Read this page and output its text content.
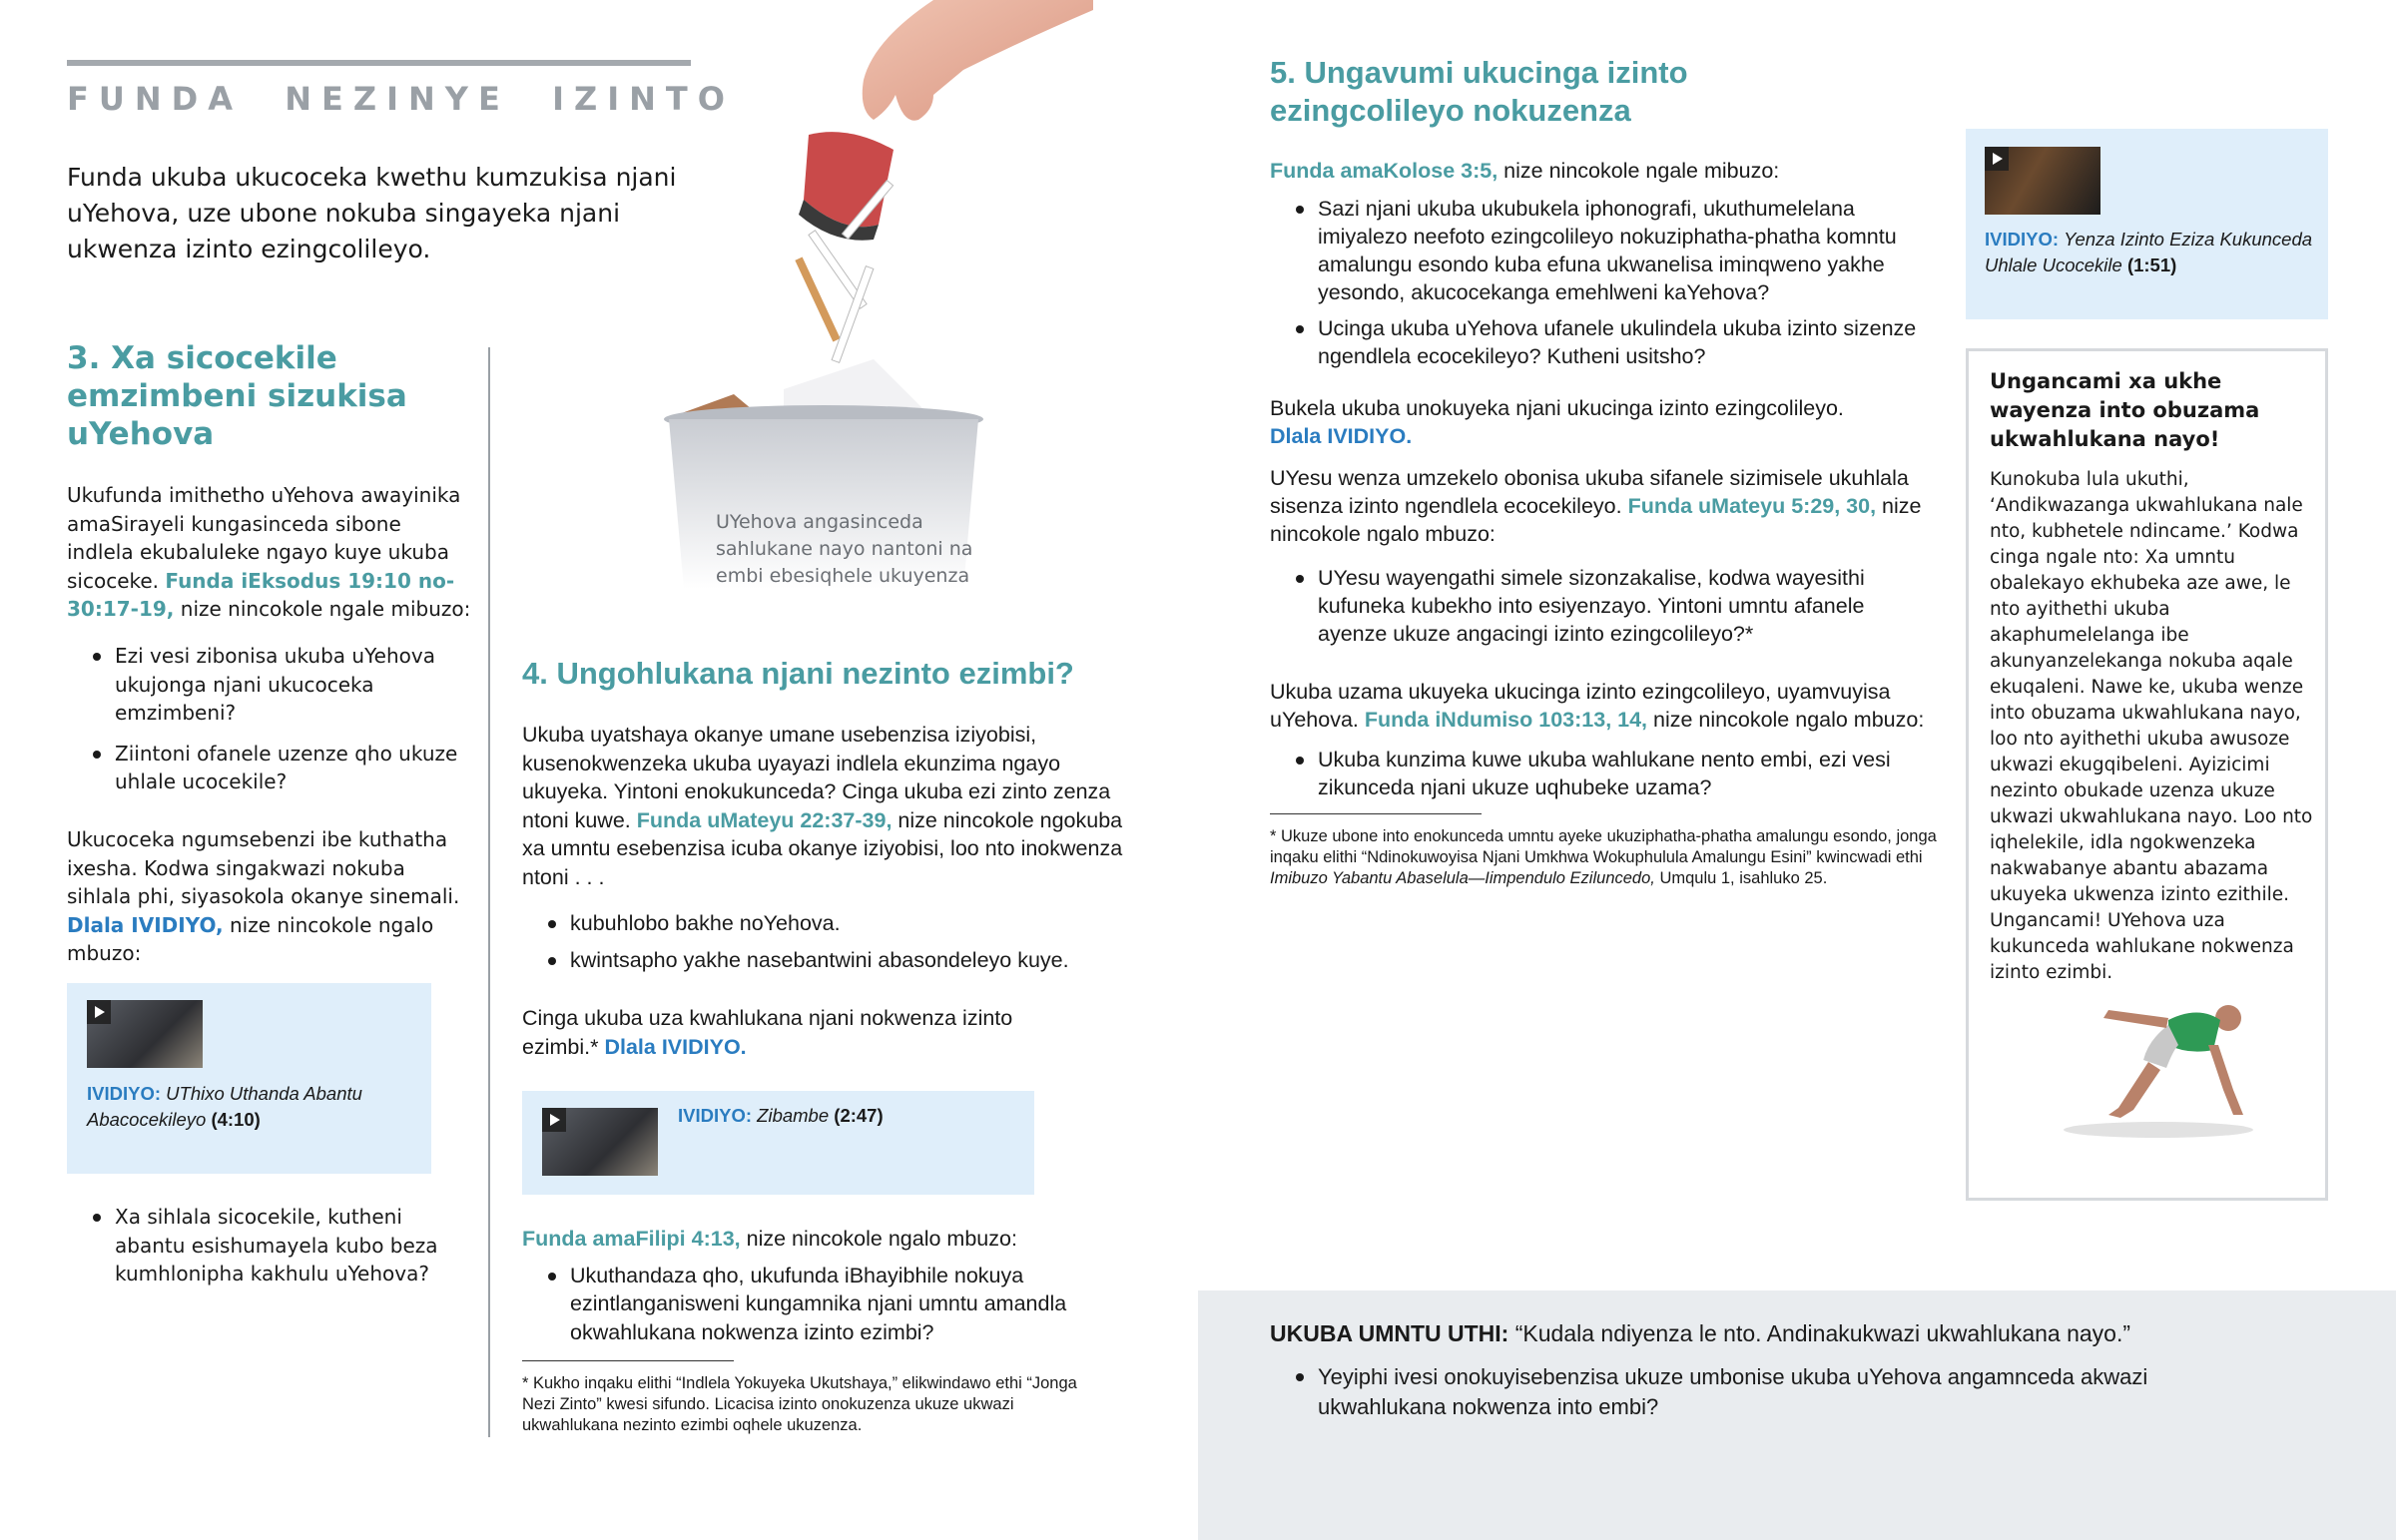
FUNDA  NEZINYE  IZINTO

Funda ukuba ukucoceka kwethu kumzukisa njani uYehova, uze ubone nokuba singayeka njani ukwenza izinto ezingcolileyo.

UYehova angasinceda sahlukane nayo nantoni na embi ebesiqhele ukuyenza

3. Xa sicocekile emzimbeni sizukisa uYehova

Ukufunda imithetho uYehova awayinika amaSirayeli kungasinceda sibone indlela ekubaluleke ngayo kuye ukuba sicoceke. Funda iEksodus 19:10 no-30:17-19, nize nincokole ngale mibuzo:

Ezi vesi zibonisa ukuba uYehova ukujonga njani ukucoceka emzimbeni?
Ziintoni ofanele uzenze qho ukuze uhlale ucocekile?

Ukucoceka ngumsebenzi ibe kuthatha ixesha. Kodwa singakwazi nokuba sihlala phi, siyasokola okanye sinemali. Dlala IVIDIYO, nize nincokole ngalo mbuzo:

IVIDIYO: UThixo Uthanda Abantu Abacocekileyo (4:10)
Xa sihlala sicocekile, kutheni abantu esishumayela kubo beza kumhlonipha kakhulu uYehova?
4. Ungohlukana njani nezinto ezimbi?

Ukuba uyatshaya okanye umane usebenzisa iziyobisi, kusenokwenzeka ukuba uyayazi indlela ekunzima ngayo ukuyeka. Yintoni enokukunceda? Cinga ukuba ezi zinto zenza ntoni kuwe. Funda uMateyu 22:37-39, nize nincokole ngokuba xa umntu esebenzisa icuba okanye iziyobisi, loo nto inokwenza ntoni . . .

kubuhlobo bakhe noYehova.
kwintsapho yakhe nasebantwini abasondeleyo kuye.

Cinga ukuba uza kwahlukana njani nokwenza izinto ezimbi.* Dlala IVIDIYO.

IVIDIYO: Zibambe (2:47)

Funda amaFilipi 4:13, nize nincokole ngalo mbuzo:

Ukuthandaza qho, ukufunda iBhayibhile nokuya ezintlanganisweni kungamnika njani umntu amandla okwahlukana nokwenza izinto ezimbi?

* Kukho inqaku elithi “Indlela Yokuyeka Ukutshaya,” elikwindawo ethi “Jonga Nezi Zinto” kwesi sifundo. Licacisa izinto onokuzenza ukuze ukwazi ukwahlukana nezinto ezimbi oqhele ukuzenza.

5. Ungavumi ukucinga izinto ezingcolileyo nokuzenza

Funda amaKolose 3:5, nize nincokole ngale mibuzo:

Sazi njani ukuba ukubukela iphonografi, ukuthumelelana imiyalezo neefoto ezingcolileyo nokuziphatha-phatha komntu amalungu esondo kuba efuna ukwanelisa iminqweno yakhe yesondo, akucocekanga emehlweni kaYehova?
Ucinga ukuba uYehova ufanele ukulindela ukuba izinto sizenze ngendlela ecocekileyo? Kutheni usitsho?

Bukela ukuba unokuyeka njani ukucinga izinto ezingcolileyo.
Dlala IVIDIYO.

UYesu wenza umzekelo obonisa ukuba sifanele sizimisele ukuhlala sisenza izinto ngendlela ecocekileyo. Funda uMateyu 5:29, 30, nize nincokole ngalo mbuzo:

UYesu wayengathi simele sizonzakalise, kodwa wayesithi kufuneka kubekho into esiyenzayo. Yintoni umntu afanele ayenze ukuze angacingi izinto ezingcolileyo?*

Ukuba uzama ukuyeka ukucinga izinto ezingcolileyo, uyamvuyisa uYehova. Funda iNdumiso 103:13, 14, nize nincokole ngalo mbuzo:

Ukuba kunzima kuwe ukuba wahlukane nento embi, ezi vesi zikunceda njani ukuze uqhubeke uzama?

* Ukuze ubone into enokunceda umntu ayeke ukuziphatha-phatha amalungu esondo, jonga inqaku elithi “Ndinokuwoyisa Njani Umkhwa Wokuphulula Amalungu Esini” kwincwadi ethi Imibuzo Yabantu Abaselula—Iimpendulo Eziluncedo, Umqulu 1, isahluko 25.

IVIDIYO: Yenza Izinto Eziza Kukunceda Uhlale Ucocekile (1:51)
Ungancami xa ukhe wayenza into obuzama ukwahlukana nayo!

Kunokuba lula ukuthi, ‘Andikwazanga ukwahlukana nale nto, kubhetele ndincame.’ Kodwa cinga ngale nto: Xa umntu obalekayo ekhubeka aze awe, le nto ayithethi ukuba akaphumelelanga ibe akunyanzelekanga nokuba aqale ekuqaleni. Nawe ke, ukuba wenze into obuzama ukwahlukana nayo, loo nto ayithethi ukuba awusoze ukwazi ekugqibeleni. Ayizicimi nezinto obukade uzenza ukuze ukwazi ukwahlukana nayo. Loo nto iqhelekile, idla ngokwenzeka nakwabanye abantu abazama ukuyeka ukwenza izinto ezithile. Ungancami! UYehova uza kukunceda wahlukane nokwenza izinto ezimbi.

UKUBA UMNTU UTHI: “Kudala ndiyenza le nto. Andinakukwazi ukwahlukana nayo.”

Yeyiphi ivesi onokuyisebenzisa ukuze umbonise ukuba uYehova angamnceda akwazi ukwahlukana nokwenza into embi?
